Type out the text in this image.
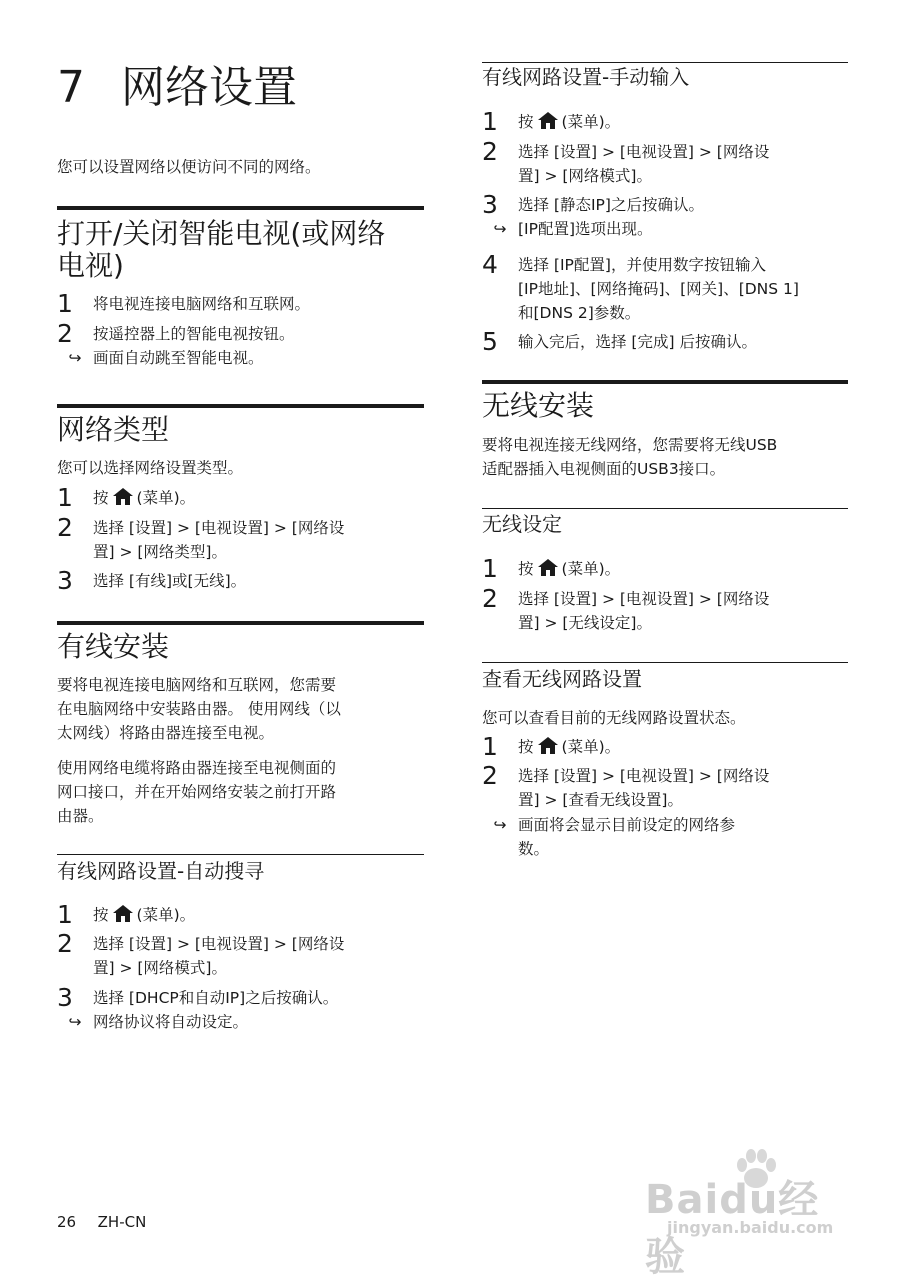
7 网络设置
您可以设置网络以便访问不同的网络。
打开/关闭智能电视(或网络
电视)
1	将电视连接电脑网络和互联网。
2	按遥控器上的智能电视按钮。
↪ 画面自动跳至智能电视。
网络类型
您可以选择网络设置类型。
1	按 (菜单)。
2	选择 [设置] > [电视设置] > [网络设
置] > [网络类型]。
3	选择 [有线]或[无线]。
有线安装
要将电视连接电脑网络和互联网，您需要
在电脑网络中安装路由器。 使用网线（以
太网线）将路由器连接至电视。
使用网络电缆将路由器连接至电视侧面的
网口接口，并在开始网络安装之前打开路
由器。
有线网路设置-自动搜寻
1	按 (菜单)。
2	选择 [设置] > [电视设置] > [网络设
置] > [网络模式]。
3	选择 [DHCP和自动IP]之后按确认。
↪ 网络协议将自动设定。
有线网路设置-手动输入
1	按 (菜单)。
2	选择 [设置] > [电视设置] > [网络设
置] > [网络模式]。
3	选择 [静态IP]之后按确认。
↪ [IP配置]选项出现。
4	选择 [IP配置]，并使用数字按钮输入
[IP地址]、[网络掩码]、[网关]、[DNS 1]
和[DNS 2]参数。
5	输入完后，选择 [完成] 后按确认。
无线安装
要将电视连接无线网络，您需要将无线USB
适配器插入电视侧面的USB3接口。
无线设定
1	按 (菜单)。
2	选择 [设置] > [电视设置] > [网络设
置] > [无线设定]。
查看无线网路设置
您可以查看目前的无线网路设置状态。
1	按 (菜单)。
2	选择 [设置] > [电视设置] > [网络设
置] > [查看无线设置]。
↪ 画面将会显示目前设定的网络参
数。
26 ZH-CN	Baidu经验
jingyan.baidu.com
